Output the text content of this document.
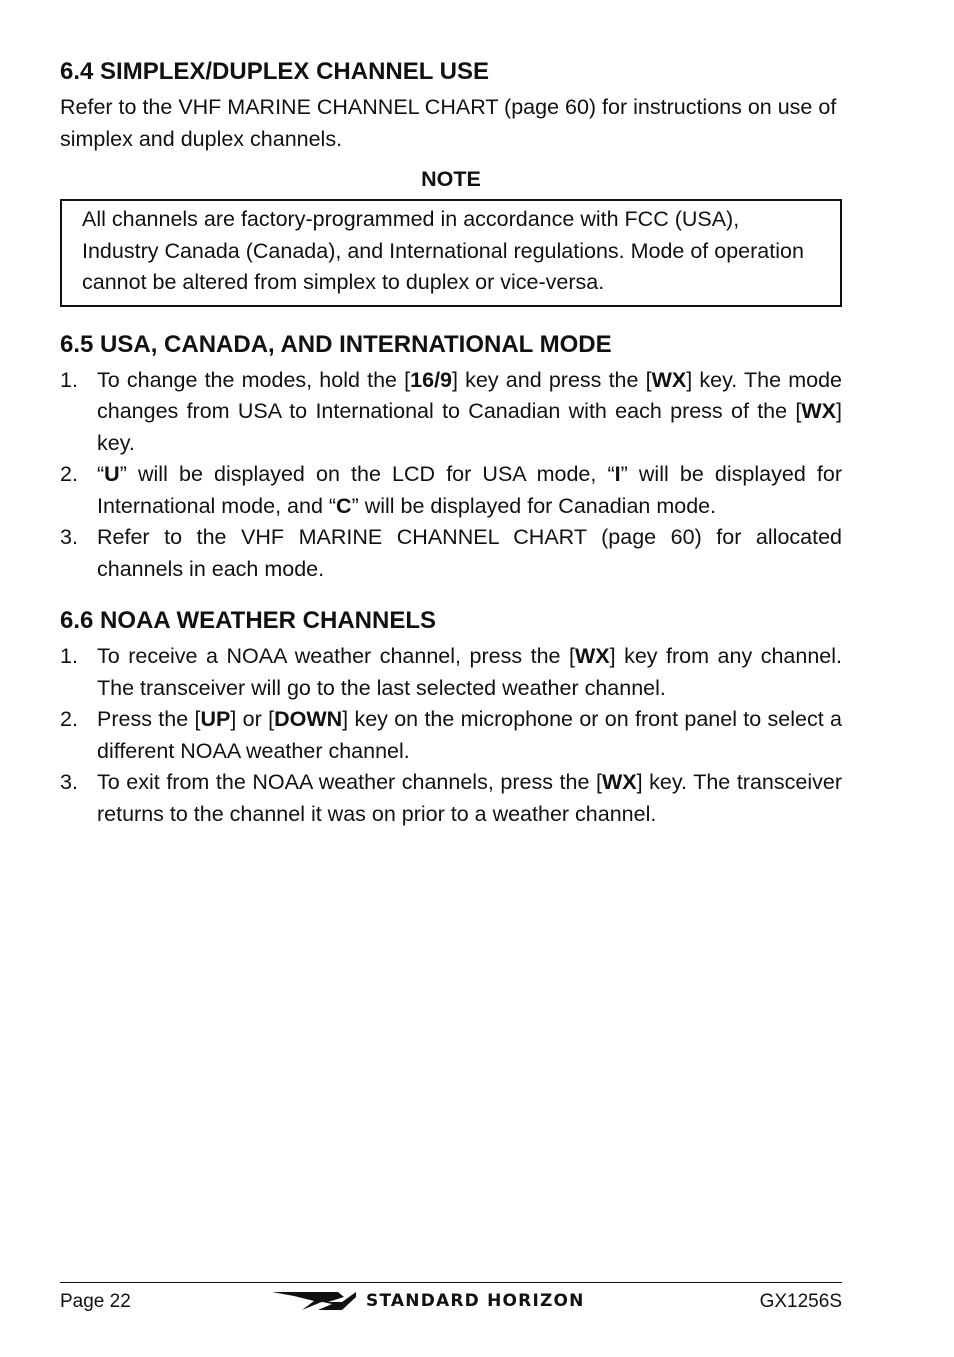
6.4 SIMPLEX/DUPLEX CHANNEL USE

Refer to the VHF MARINE CHANNEL CHART (page 60) for instructions on use of simplex and duplex channels.

NOTE
All channels are factory-programmed in accordance with FCC (USA), Industry Canada (Canada), and International regulations. Mode of operation cannot be altered from simplex to duplex or vice-versa.
6.5 USA, CANADA, AND INTERNATIONAL MODE
1. To change the modes, hold the [16/9] key and press the [WX] key. The mode changes from USA to International to Canadian with each press of the [WX] key.
2. “U” will be displayed on the LCD for USA mode, “I” will be displayed for International mode, and “C” will be displayed for Canadian mode.
3. Refer to the VHF MARINE CHANNEL CHART (page 60) for allocated channels in each mode.
6.6 NOAA WEATHER CHANNELS
1. To receive a NOAA weather channel, press the [WX] key from any channel. The transceiver will go to the last selected weather channel.
2. Press the [UP] or [DOWN] key on the microphone or on front panel to select a different NOAA weather channel.
3. To exit from the NOAA weather channels, press the [WX] key. The transceiver returns to the channel it was on prior to a weather channel.
Page 22	STANDARD HORIZON	GX1256S
